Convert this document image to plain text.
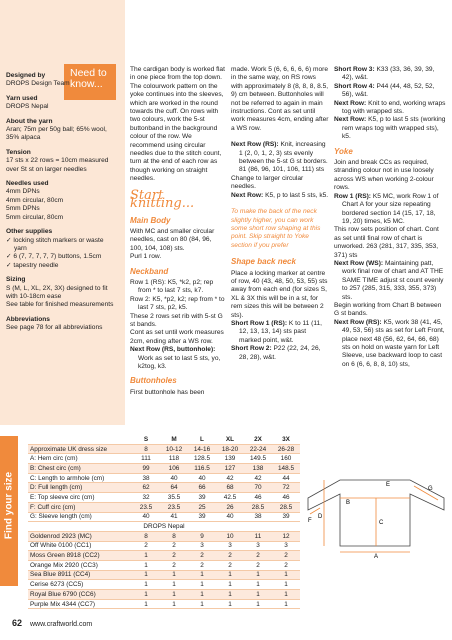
Need to know...
Designed by
DROPS Design Team
Yarn used
DROPS Nepal
About the yarn
Aran; 75m per 50g ball; 65% wool, 35% alpaca
Tension
17 sts x 22 rows = 10cm measured over St st on larger needles
Needles used
4mm DPNs
4mm circular, 80cm
5mm DPNs
5mm circular, 80cm
Other supplies
✓ locking stitch markers or waste yarn
✓ 6 (7, 7, 7, 7, 7) buttons, 1.5cm
✓ tapestry needle
Sizing
S (M, L, XL, 2X, 3X) designed to fit with 10-18cm ease
See table for finished measurements
Abbreviations
See page 78 for all abbreviations
The cardigan body is worked flat in one piece from the top down. The colourwork pattern on the yoke continues into the sleeves, which are worked in the round towards the cuff. On rows with two colours, work the 5-st buttonband in the background colour of the row. We recommend using circular needles due to the stitch count, turn at the end of each row as though working on straight needles.
Start knitting...
Main Body
With MC and smaller circular needles, cast on 80 (84, 96, 100, 104, 108) sts.
Purl 1 row.
Neckband
Row 1 (RS): K5, *k2, p2; rep from * to last 7 sts, k7.
Row 2: K5, *p2, k2; rep from * to last 7 sts, p2, k5.
These 2 rows set rib with 5-st G st bands.
Cont as set until work measures 2cm, ending after a WS row.
Next Row (RS, buttonhole):
Work as set to last 5 sts, yo, k2tog, k3.
Buttonholes
First buttonhole has been
made. Work 5 (6, 6, 6, 6, 6) more in the same way, on RS rows with approximately 8 (8, 8, 8, 8.5, 9) cm between. Buttonholes will not be referred to again in main instructions. Cont as set until work measures 4cm, ending after a WS row.
Next Row (RS): Knit, increasing 1 (2, 0, 1, 2, 3) sts evenly between the 5-st G st borders. 81 (86, 96, 101, 106, 111) sts
Change to larger circular needles.
Next Row: K5, p to last 5 sts, k5.
To make the back of the neck slightly higher, you can work some short row shaping at this point. Skip straight to Yoke section if you prefer
Shape back neck
Place a locking marker at centre of row, 40 (43, 48, 50, 53, 55) sts away from each end (for sizes S, XL & 3X this will be in a st, for rem sizes this will be between 2 sts).
Short Row 1 (RS): K to 11 (11, 12, 13, 13, 14) sts past marked point, w&t.
Short Row 2: P22 (22, 24, 26, 28, 28), w&t.
Short Row 3: K33 (33, 36, 39, 39, 42), w&t.
Short Row 4: P44 (44, 48, 52, 52, 56), w&t.
Next Row: Knit to end, working wraps tog with wrapped sts.
Next Row: K5, p to last 5 sts (working rem wraps tog with wrapped sts), k5.
Yoke
Join and break CCs as required, stranding colour not in use loosely across WS when working 2-colour rows.
Row 1 (RS): K5 MC, work Row 1 of Chart A for your size repeating bordered section 14 (15, 17, 18, 19, 20) times, k5 MC.
This row sets position of chart. Cont as set until final row of chart is unworked. 263 (281, 317, 335, 353, 371) sts
Next Row (WS): Maintaining patt, work final row of chart and AT THE SAME TIME adjust st count evenly to 257 (285, 315, 333, 355, 373) sts.
Begin working from Chart B between G st bands.
Next Row (RS): K5, work 38 (41, 45, 49, 53, 56) sts as set for Left Front, place next 48 (56, 62, 64, 66, 68) sts on hold on waste yarn for Left Sleeve, use backward loop to cast on 6 (6, 6, 8, 8, 10) sts,
Find your size
	S	M	L	XL	2X	3X
Approximate UK dress size	8	10-12	14-16	18-20	22-24	26-28
A: Hem circ (cm)	111	118	128.5	139	149.5	160
B: Chest circ (cm)	99	106	116.5	127	138	148.5
C: Length to armhole (cm)	38	40	40	42	42	44
D: Full length (cm)	62	64	66	68	70	72
E: Top sleeve circ (cm)	32	35.5	39	42.5	46	46
F: Cuff circ (cm)	23.5	23.5	25	26	28.5	28.5
G: Sleeve length (cm)	40	41	39	40	38	39
DROPS Nepal						
Goldenrod 2923 (MC)	8	8	9	10	11	12
Off White 0100 (CC1)	2	2	3	3	3	3
Moss Green 8918 (CC2)	1	2	2	2	2	2
Orange Mix 2920 (CC3)	1	2	2	2	2	2
Sea Blue 8911 (CC4)	1	1	1	1	1	1
Cerise 6273 (CC5)	1	1	1	1	1	1
Royal Blue 6790 (CC6)	1	1	1	1	1	1
Purple Mix 4344 (CC7)	1	1	1	1	1	1
E
G
F
B
D
C
A
62 www.craftworld.com
